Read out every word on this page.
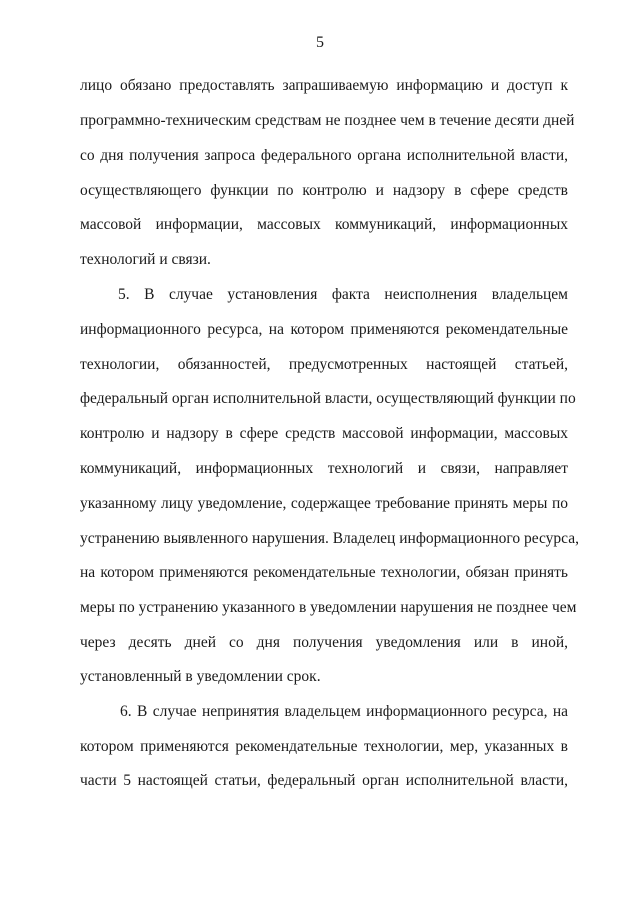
5
лицо обязано предоставлять запрашиваемую информацию и доступ к
программно-техническим средствам не позднее чем в течение десяти дней
со дня получения запроса федерального органа исполнительной власти,
осуществляющего функции по контролю и надзору в сфере средств
массовой информации, массовых коммуникаций, информационных
технологий и связи.
5. В случае установления факта неисполнения владельцем
информационного ресурса, на котором применяются рекомендательные
технологии, обязанностей, предусмотренных настоящей статьей,
федеральный орган исполнительной власти, осуществляющий функции по
контролю и надзору в сфере средств массовой информации, массовых
коммуникаций, информационных технологий и связи, направляет
указанному лицу уведомление, содержащее требование принять меры по
устранению выявленного нарушения. Владелец информационного ресурса,
на котором применяются рекомендательные технологии, обязан принять
меры по устранению указанного в уведомлении нарушения не позднее чем
через десять дней со дня получения уведомления или в иной,
установленный в уведомлении срок.
6. В случае непринятия владельцем информационного ресурса, на
котором применяются рекомендательные технологии, мер, указанных в
части 5 настоящей статьи, федеральный орган исполнительной власти,
